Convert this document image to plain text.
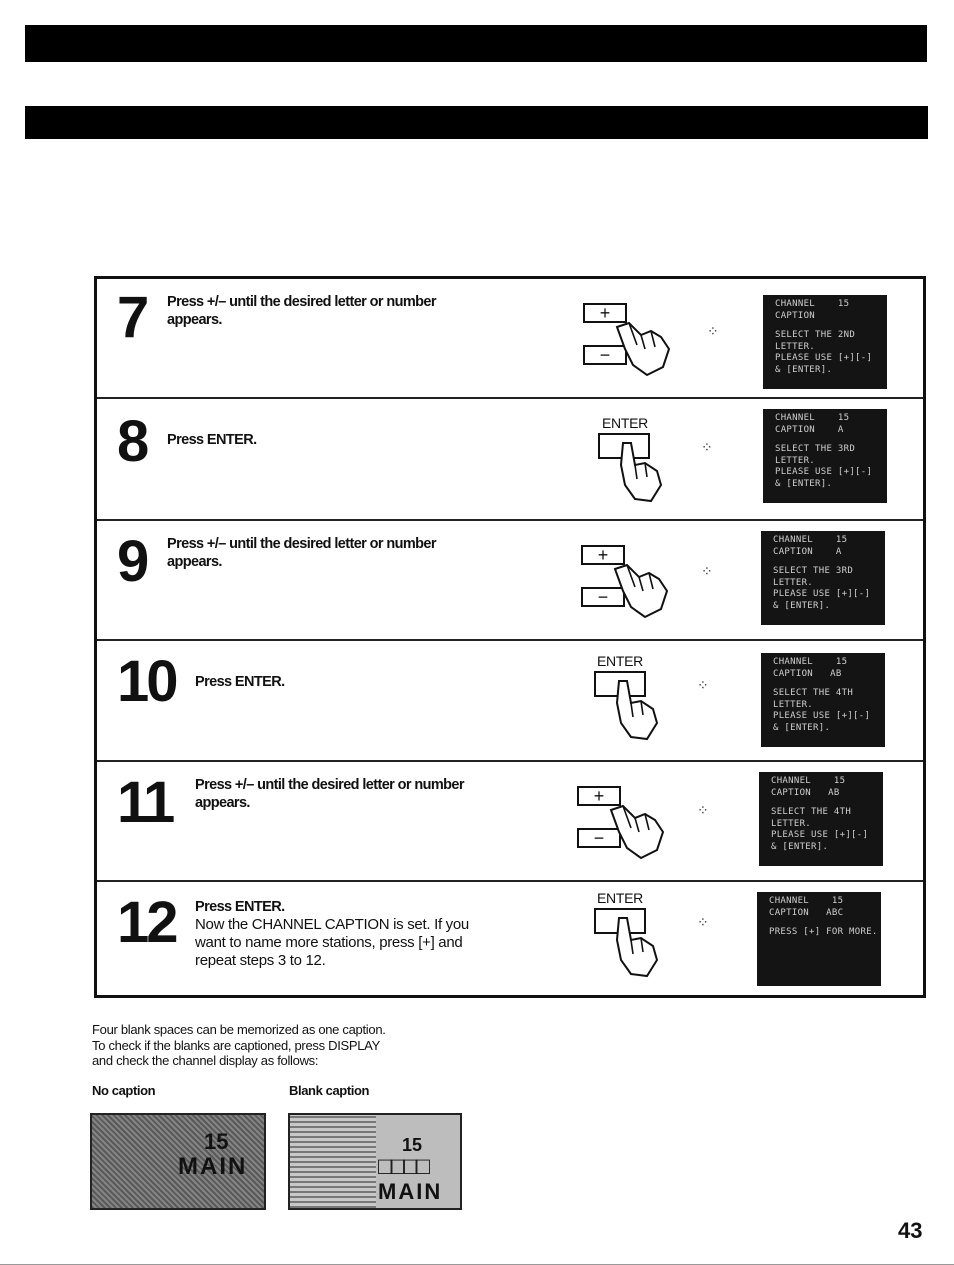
7 Press +/– until the desired letter or number
appears.	+
−
⁘
CHANNEL    15
CAPTION
SELECT THE 2ND
LETTER.
PLEASE USE [+][-]
& [ENTER].
8 Press ENTER.
ENTER
⁘
CHANNEL    15
CAPTION    A
SELECT THE 3RD
LETTER.
PLEASE USE [+][-]
& [ENTER].
9 Press +/– until the desired letter or number
appears.	+
−
⁘
CHANNEL    15
CAPTION    A
SELECT THE 3RD
LETTER.
PLEASE USE [+][-]
& [ENTER].
10 Press ENTER.
ENTER
⁘
CHANNEL    15
CAPTION   AB
SELECT THE 4TH
LETTER.
PLEASE USE [+][-]
& [ENTER].
11 Press +/– until the desired letter or number
appears.	+
−
⁘
CHANNEL    15
CAPTION   AB
SELECT THE 4TH
LETTER.
PLEASE USE [+][-]
& [ENTER].
12 Press ENTER.
Now the CHANNEL CAPTION is set. If you
want to name more stations, press [+] and
repeat steps 3 to 12.
ENTER
⁘
CHANNEL    15
CAPTION   ABC
PRESS [+] FOR MORE.
Four blank spaces can be memorized as one caption.
To check if the blanks are captioned, press DISPLAY
and check the channel display as follows:
No caption	Blank caption
15
MAIN
15
□□□□
MAIN
43
